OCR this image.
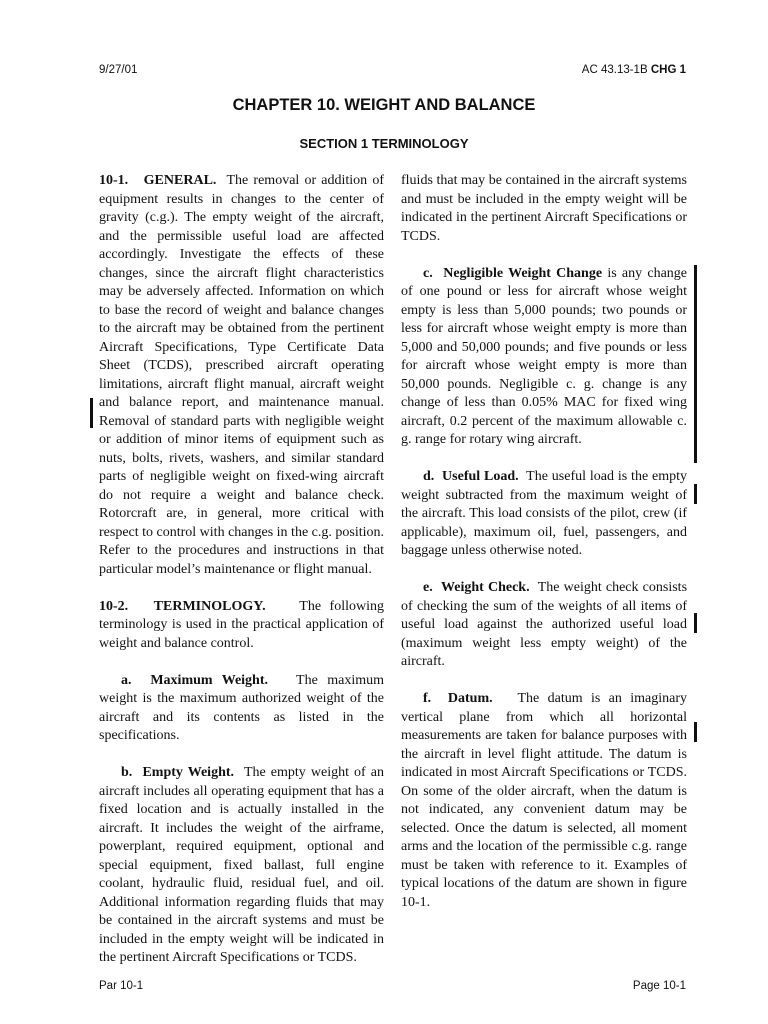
9/27/01	AC 43.13-1B CHG 1
CHAPTER 10. WEIGHT AND BALANCE
SECTION 1 TERMINOLOGY

10-1. GENERAL. The removal or addition of equipment results in changes to the center of gravity (c.g.). The empty weight of the aircraft, and the permissible useful load are affected accordingly. Investigate the effects of these changes, since the aircraft flight characteristics may be adversely affected. Information on which to base the record of weight and balance changes to the aircraft may be obtained from the pertinent Aircraft Specifications, Type Certificate Data Sheet (TCDS), prescribed aircraft operating limitations, aircraft flight manual, aircraft weight and balance report, and maintenance manual. Removal of standard parts with negligible weight or addition of minor items of equipment such as nuts, bolts, rivets, washers, and similar standard parts of negligible weight on fixed-wing aircraft do not require a weight and balance check. Rotorcraft are, in general, more critical with respect to control with changes in the c.g. position. Refer to the procedures and instructions in that particular model’s maintenance or flight manual.

10-2. TERMINOLOGY. The following terminology is used in the practical application of weight and balance control.

a. Maximum Weight. The maximum weight is the maximum authorized weight of the aircraft and its contents as listed in the specifications.

b. Empty Weight. The empty weight of an aircraft includes all operating equipment that has a fixed location and is actually installed in the aircraft. It includes the weight of the airframe, powerplant, required equipment, optional and special equipment, fixed ballast, full engine coolant, hydraulic fluid, residual fuel, and oil. Additional information regarding fluids that may be contained in the aircraft systems and must be included in the empty weight will be indicated in the pertinent Aircraft Specifications or TCDS.

c. Negligible Weight Change is any change of one pound or less for aircraft whose weight empty is less than 5,000 pounds; two pounds or less for aircraft whose weight empty is more than 5,000 and 50,000 pounds; and five pounds or less for aircraft whose weight empty is more than 50,000 pounds. Negligible c. g. change is any change of less than 0.05% MAC for fixed wing aircraft, 0.2 percent of the maximum allowable c. g. range for rotary wing aircraft.

d. Useful Load. The useful load is the empty weight subtracted from the maximum weight of the aircraft. This load consists of the pilot, crew (if applicable), maximum oil, fuel, passengers, and baggage unless otherwise noted.

e. Weight Check. The weight check consists of checking the sum of the weights of all items of useful load against the authorized useful load (maximum weight less empty weight) of the aircraft.

f. Datum. The datum is an imaginary vertical plane from which all horizontal measurements are taken for balance purposes with the aircraft in level flight attitude. The datum is indicated in most Aircraft Specifications or TCDS. On some of the older aircraft, when the datum is not indicated, any convenient datum may be selected. Once the datum is selected, all moment arms and the location of the permissible c.g. range must be taken with reference to it. Examples of typical locations of the datum are shown in figure 10-1.

fluids that may be contained in the aircraft systems and must be included in the empty weight will be indicated in the pertinent Aircraft Specifications or TCDS.

Par 10-1	Page 10-1
